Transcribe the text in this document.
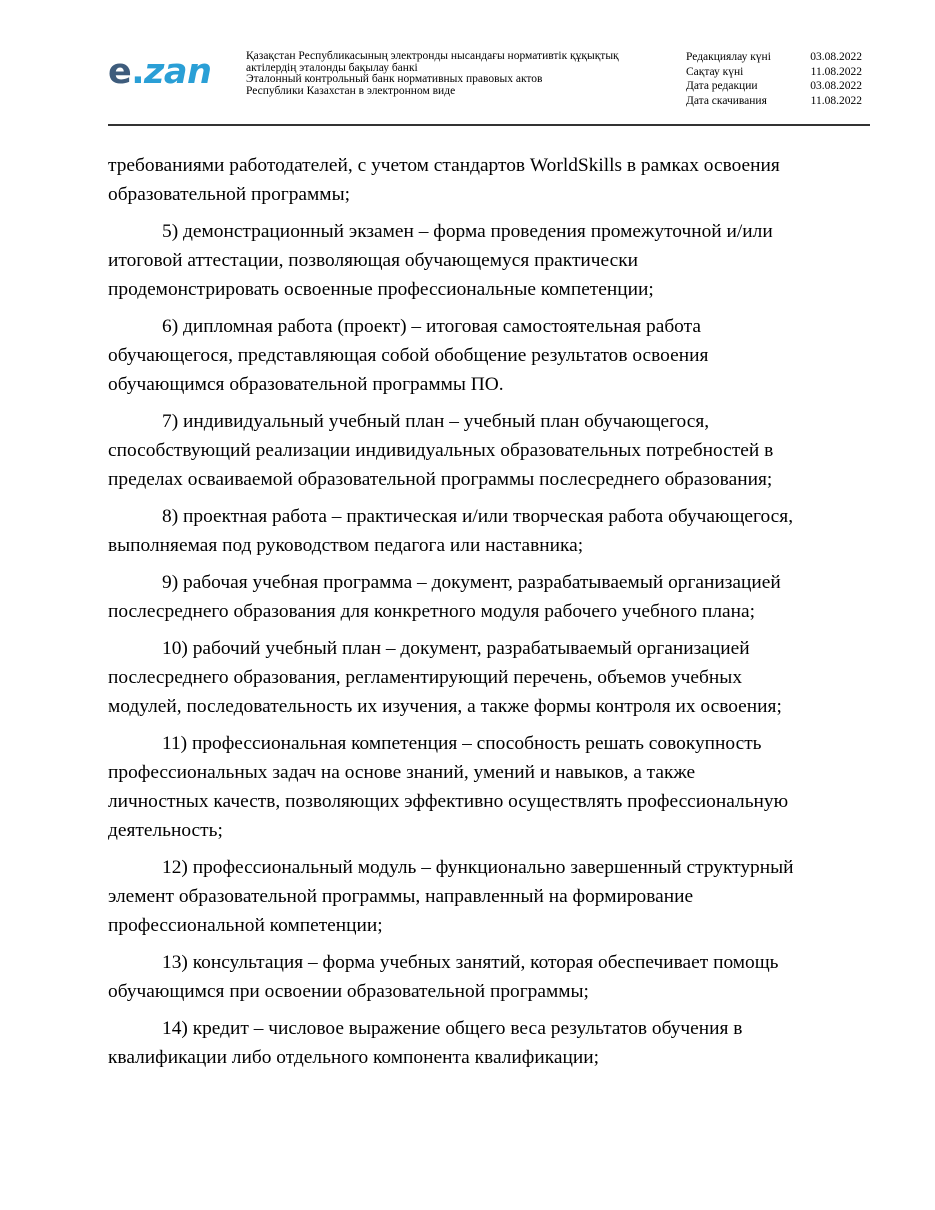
e.zan	Қазақстан Республикасының электронды нысандағы нормативтік құқықтық
актілердің эталонды бақылау банкі
Эталонный контрольный банк нормативных правовых актов
Республики Казахстан в электронном виде
Редакциялау күні	03.08.2022
Сақтау күні	11.08.2022
Дата редакции	03.08.2022
Дата скачивания	11.08.2022
требованиями работодателей, с учетом стандартов WorldSkills в рамках освоения
образовательной программы;
5) демонстрационный экзамен – форма проведения промежуточной и/или
итоговой аттестации, позволяющая обучающемуся практически
продемонстрировать освоенные профессиональные компетенции;
6) дипломная работа (проект) – итоговая самостоятельная работа
обучающегося, представляющая собой обобщение результатов освоения
обучающимся образовательной программы ПО.
7) индивидуальный учебный план – учебный план обучающегося,
способствующий реализации индивидуальных образовательных потребностей в
пределах осваиваемой образовательной программы послесреднего образования;
8) проектная работа – практическая и/или творческая работа обучающегося,
выполняемая под руководством педагога или наставника;
9) рабочая учебная программа – документ, разрабатываемый организацией
послесреднего образования для конкретного модуля рабочего учебного плана;
10) рабочий учебный план – документ, разрабатываемый организацией
послесреднего образования, регламентирующий перечень, объемов учебных
модулей, последовательность их изучения, а также формы контроля их освоения;
11) профессиональная компетенция – способность решать совокупность
профессиональных задач на основе знаний, умений и навыков, а также
личностных качеств, позволяющих эффективно осуществлять профессиональную
деятельность;
12) профессиональный модуль – функционально завершенный структурный
элемент образовательной программы, направленный на формирование
профессиональной компетенции;
13) консультация – форма учебных занятий, которая обеспечивает помощь
обучающимся при освоении образовательной программы;
14) кредит – числовое выражение общего веса результатов обучения в
квалификации либо отдельного компонента квалификации;
